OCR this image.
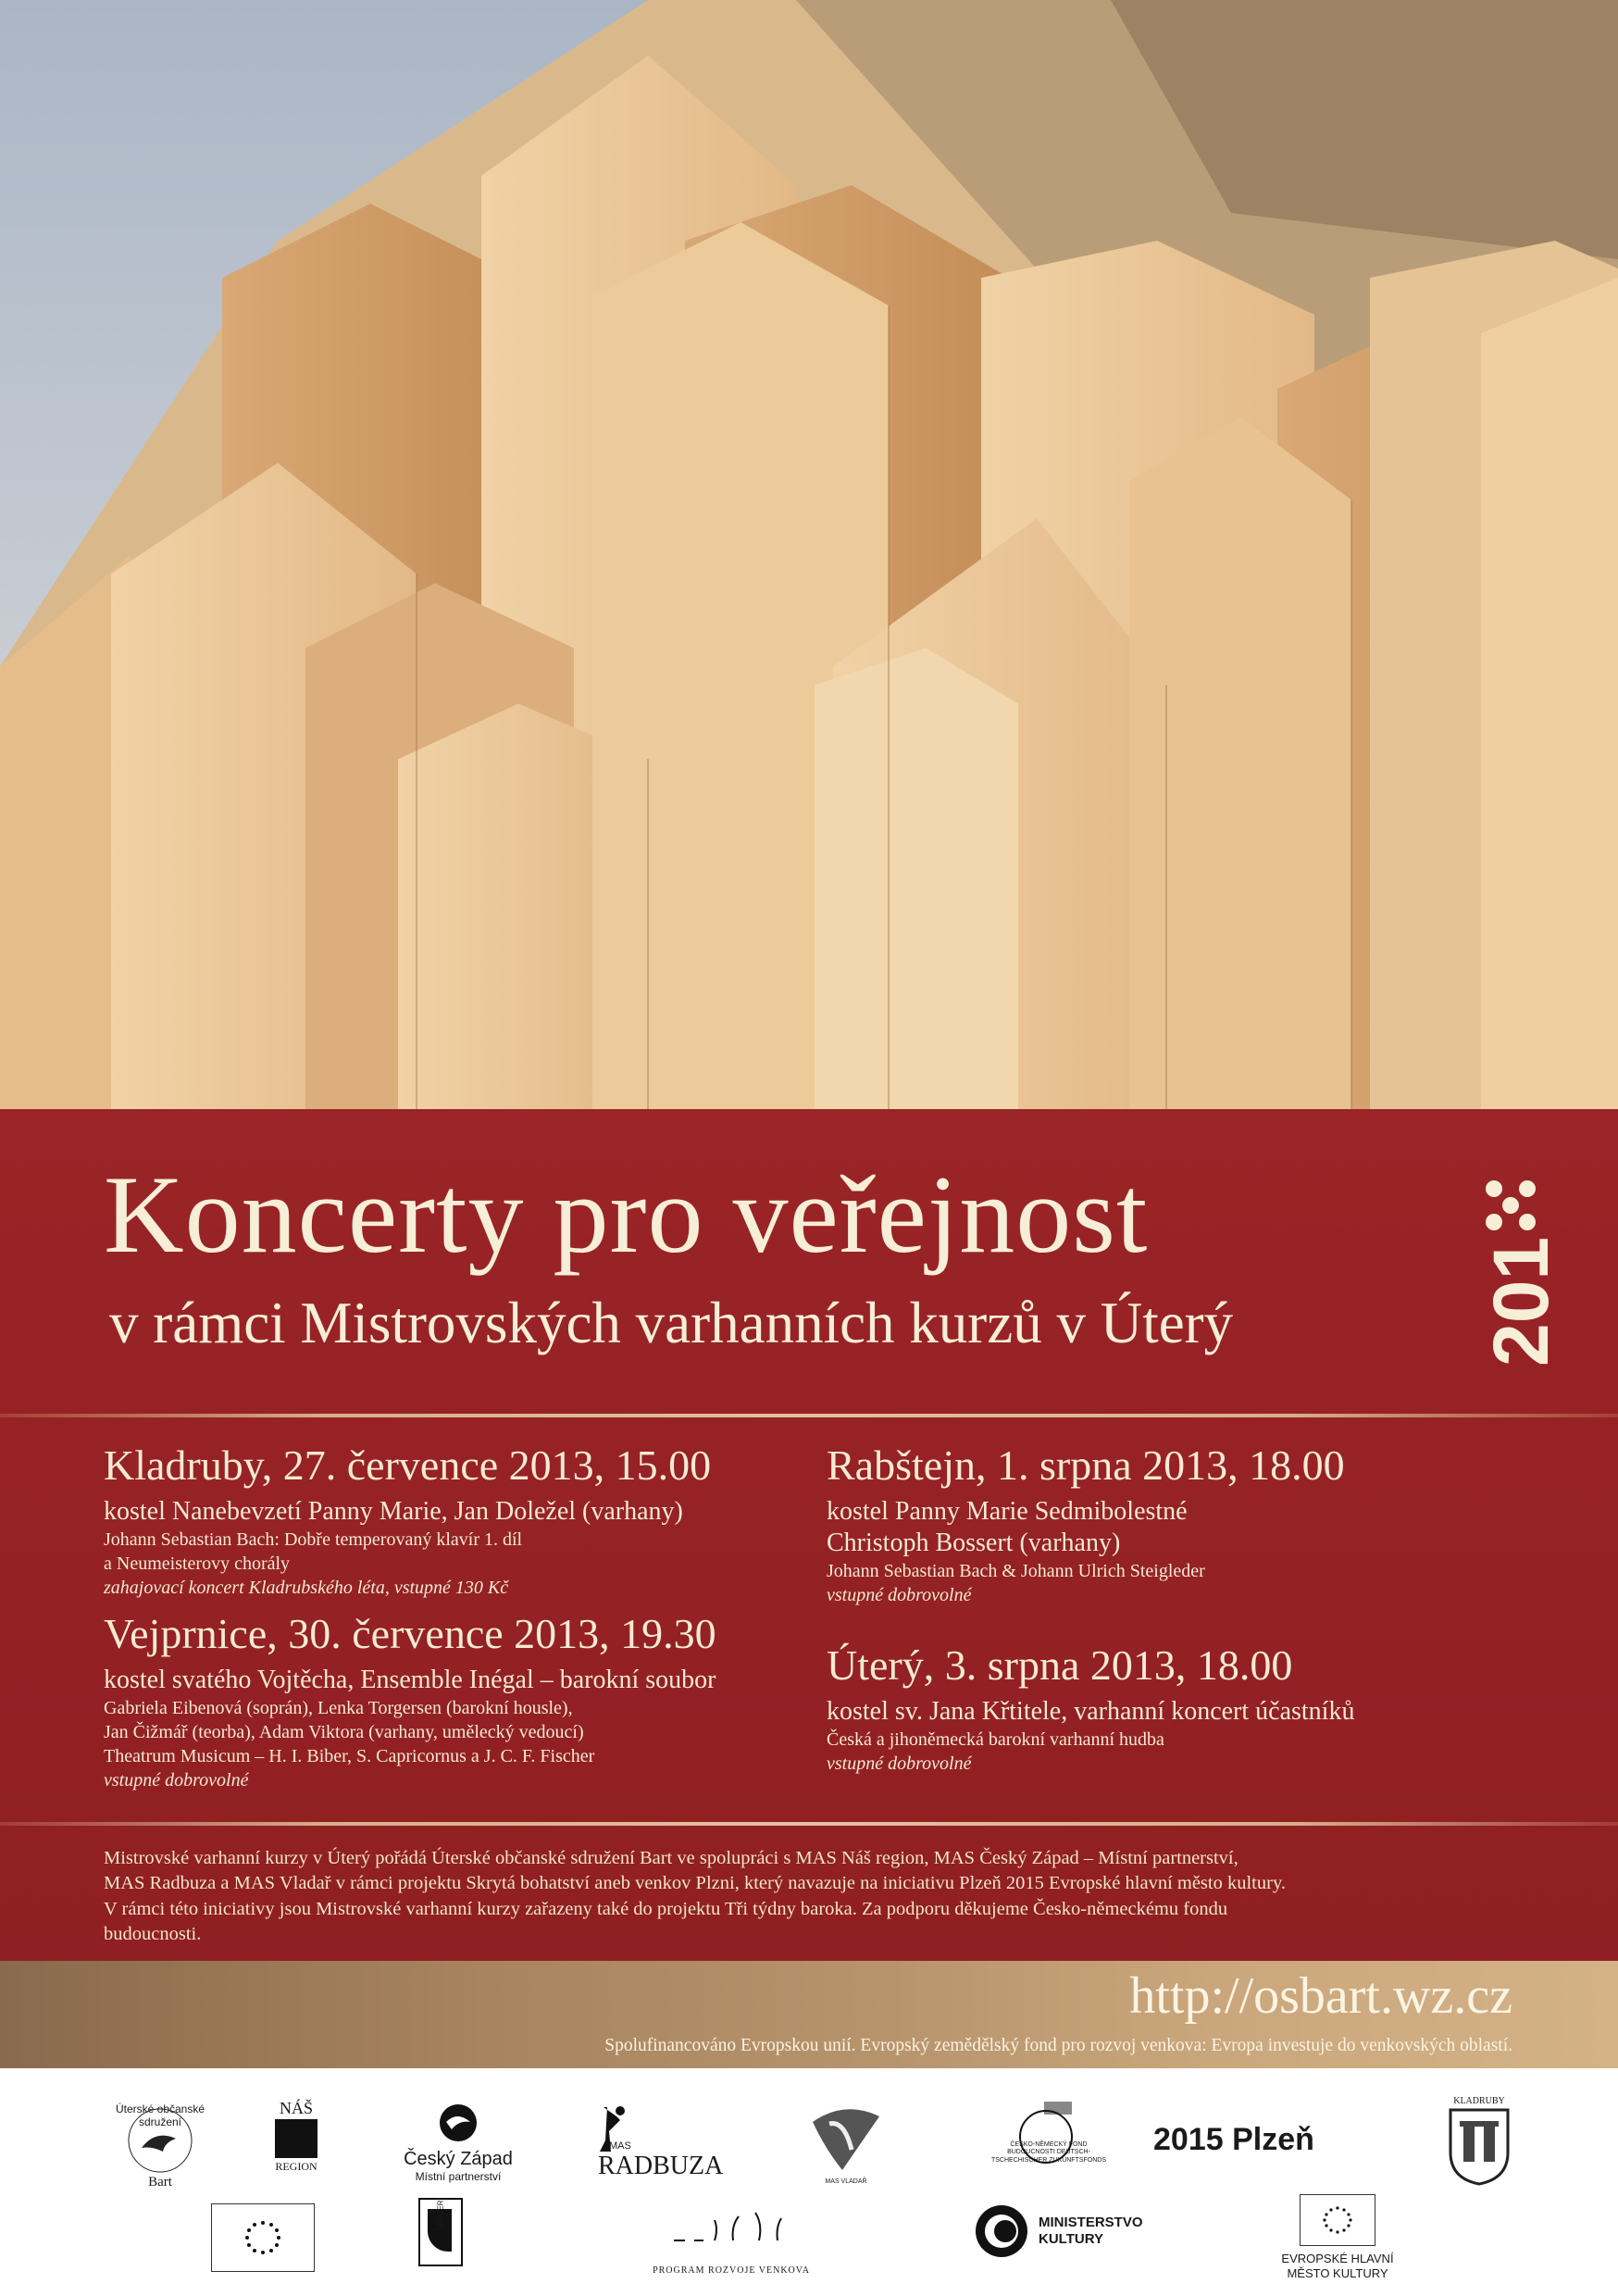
Koncerty pro veřejnost
v rámci Mistrovských varhanních kurzů v Úterý	201
Kladruby, 27. července 2013, 15.00
kostel Nanebevzetí Panny Marie, Jan Doležel (varhany)
Johann Sebastian Bach: Dobře temperovaný klavír 1. díl
a Neumeisterovy chorály
zahajovací koncert Kladrubského léta, vstupné 130 Kč
Vejprnice, 30. července 2013, 19.30
kostel svatého Vojtěcha, Ensemble Inégal – barokní soubor
Gabriela Eibenová (soprán), Lenka Torgersen (barokní housle),
Jan Čižmář (teorba), Adam Viktora (varhany, umělecký vedoucí)
Theatrum Musicum – H. I. Biber, S. Capricornus a J. C. F. Fischer
vstupné dobrovolné
Rabštejn, 1. srpna 2013, 18.00
kostel Panny Marie Sedmibolestné
Christoph Bossert (varhany)
Johann Sebastian Bach & Johann Ulrich Steigleder
vstupné dobrovolné
Úterý, 3. srpna 2013, 18.00
kostel sv. Jana Křtitele, varhanní koncert účastníků
Česká a jihoněmecká barokní varhanní hudba
vstupné dobrovolné

Mistrovské varhanní kurzy v Úterý pořádá Úterské občanské sdružení Bart ve spolupráci s MAS Náš region, MAS Český Západ – Místní partnerství,

MAS Radbuza a MAS Vladař v rámci projektu Skrytá bohatství aneb venkov Plzni, který navazuje na iniciativu Plzeň 2015 Evropské hlavní město kultury.

V rámci této iniciativy jsou Mistrovské varhanní kurzy zařazeny také do projektu Tři týdny baroka. Za podporu děkujeme Česko-německému fondu

budoucnosti.

http://osbart.wz.cz
Spolufinancováno Evropskou unií. Evropský zemědělský fond pro rozvoj venkova: Evropa investuje do venkovských oblastí.
Úterské občanské sdružení
Bart
NÁŠ
REGION	Český Západ
Místní partnerství
MAS
RADBUZA
MAS VLADAŘ
ČESKO-NĚMECKÝ FOND BUDOUCNOSTI DEUTSCH-TSCHECHISCHER ZUKUNFTSFONDS
2015 Plzeň
KLADRUBY
LEADER
PROGRAM ROZVOJE VENKOVA
MINISTERSTVO
KULTURY
EVROPSKÉ HLAVNÍ
MĚSTO KULTURY
